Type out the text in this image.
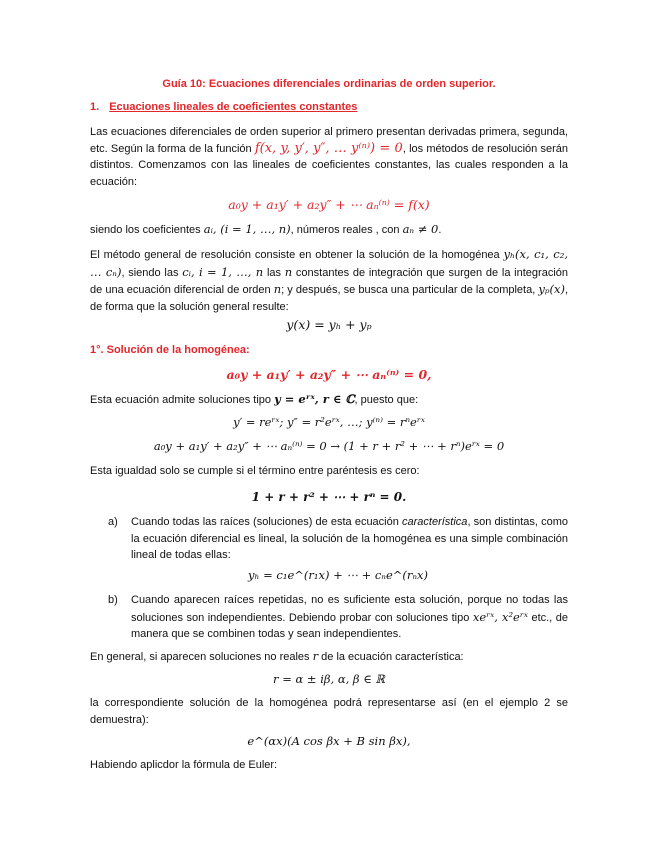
Guía 10: Ecuaciones diferenciales ordinarias de orden superior.
1. Ecuaciones lineales de coeficientes constantes
Las ecuaciones diferenciales de orden superior al primero presentan derivadas primera, segunda, etc. Según la forma de la función f(x, y, y′, y″, … y⁽ⁿ⁾) = 0, los métodos de resolución serán distintos. Comenzamos con las lineales de coeficientes constantes, las cuales responden a la ecuación:
a₀y + a₁y′ + a₂y″ + ⋯ aₙ⁽ⁿ⁾ = f(x)
siendo los coeficientes aᵢ, (i = 1, …, n), números reales , con aₙ ≠ 0.
El método general de resolución consiste en obtener la solución de la homogénea yₕ(x, c₁, c₂, … cₙ), siendo las cᵢ, i = 1, …, n las n constantes de integración que surgen de la integración de una ecuación diferencial de orden n; y después, se busca una particular de la completa, yₚ(x), de forma que la solución general resulte:
y(x) = yₕ + yₚ
1°. Solución de la homogénea:
a₀y + a₁y′ + a₂y″ + ⋯ aₙ⁽ⁿ⁾ = 0,
Esta ecuación admite soluciones tipo y = eʳˣ, r ∈ ℂ, puesto que:
y′ = reʳˣ; y″ = r²eʳˣ, …; y⁽ⁿ⁾ = rⁿeʳˣ
a₀y + a₁y′ + a₂y″ + ⋯ aₙ⁽ⁿ⁾ = 0 → (1 + r + r² + ⋯ + rⁿ)eʳˣ = 0
Esta igualdad solo se cumple si el término entre paréntesis es cero:
1 + r + r² + ⋯ + rⁿ = 0.
a) Cuando todas las raíces (soluciones) de esta ecuación característica, son distintas, como la ecuación diferencial es lineal, la solución de la homogénea es una simple combinación lineal de todas ellas:
yₕ = c₁e^(r₁x) + ⋯ + cₙe^(rₙx)
b) Cuando aparecen raíces repetidas, no es suficiente esta solución, porque no todas las soluciones son independientes. Debiendo probar con soluciones tipo xeʳˣ, x²eʳˣ etc., de manera que se combinen todas y sean independientes.
En general, si aparecen soluciones no reales r de la ecuación característica:
r = α ± iβ, α, β ∈ ℝ
la correspondiente solución de la homogénea podrá representarse así (en el ejemplo 2 se demuestra):
e^(αx)(A cos βx + B sin βx),
Habiendo aplicdor la fórmula de Euler:
